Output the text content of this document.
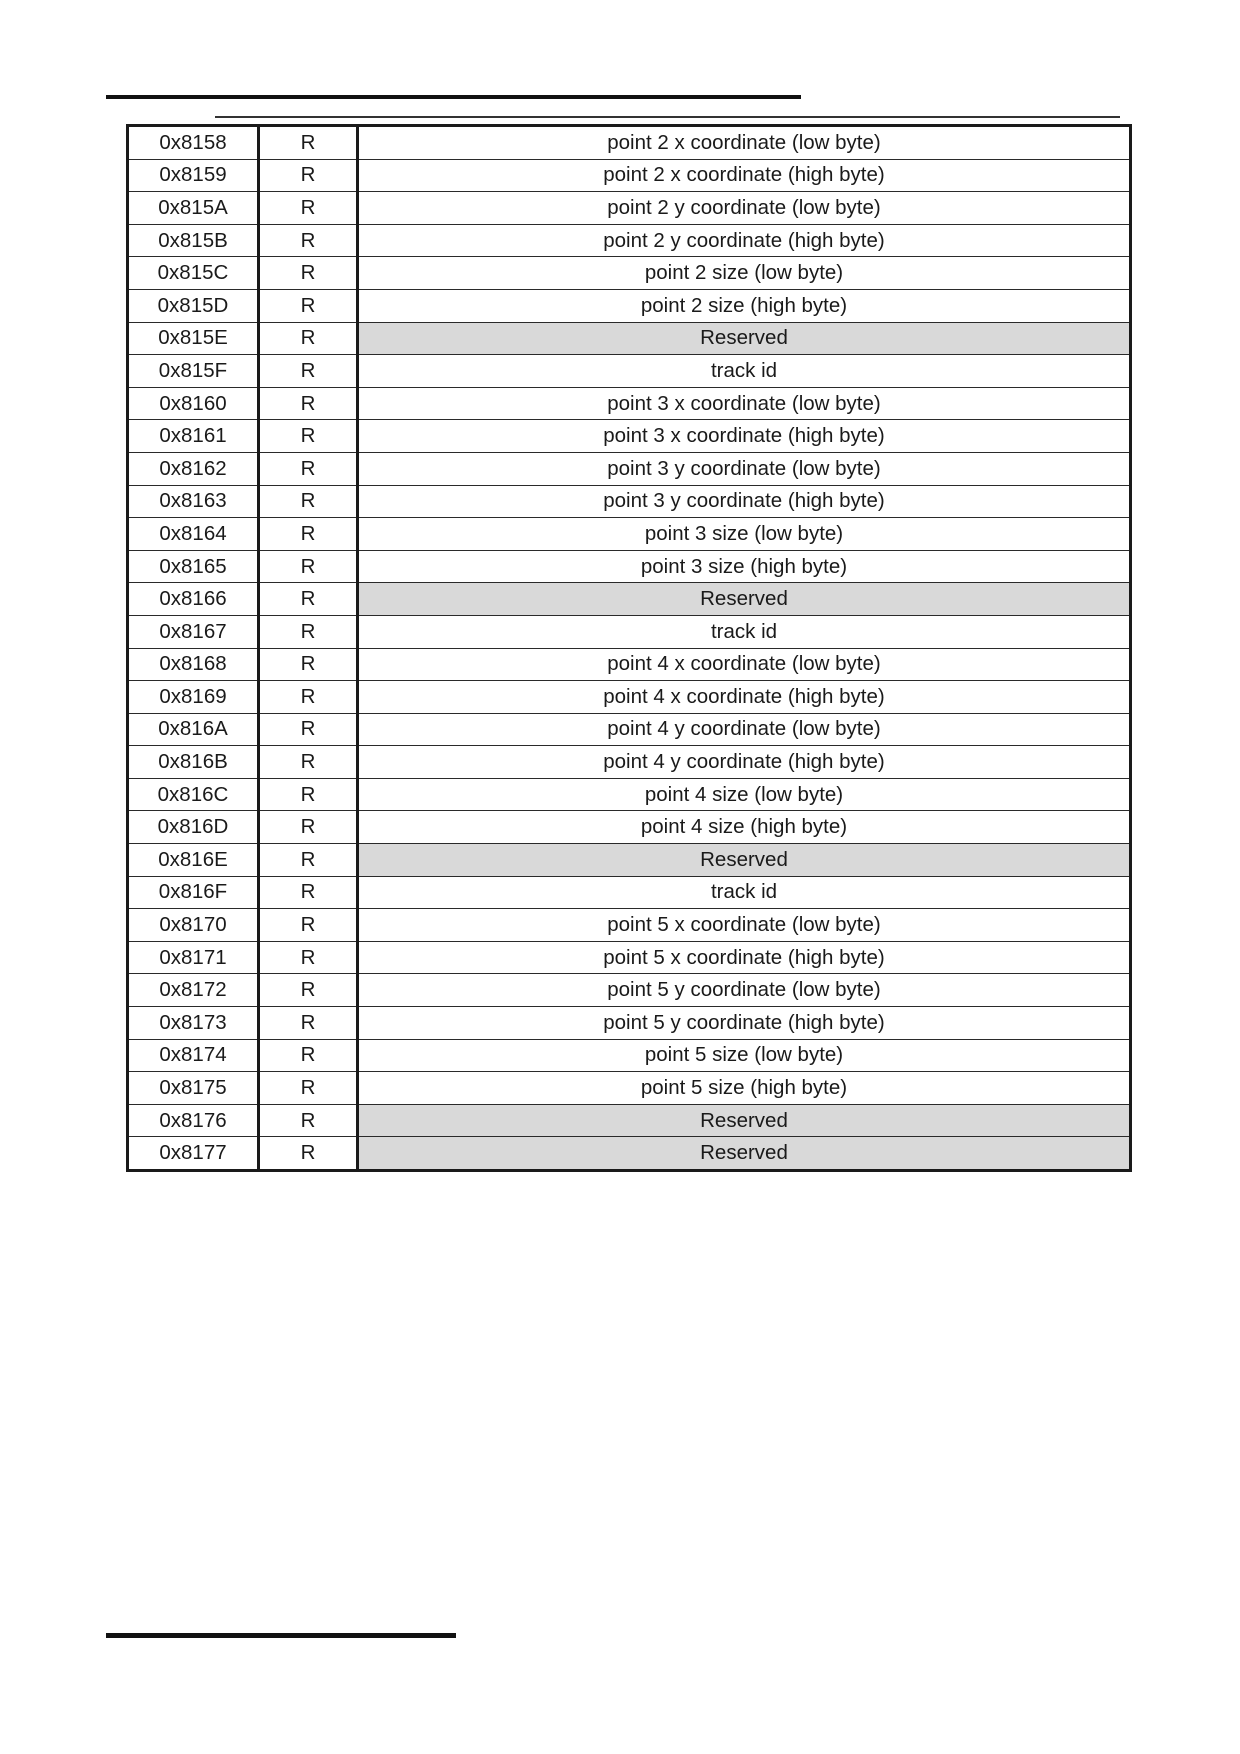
0x8158	R	point 2 x coordinate (low byte)
0x8159	R	point 2 x coordinate (high byte)
0x815A	R	point 2 y coordinate (low byte)
0x815B	R	point 2 y coordinate (high byte)
0x815C	R	point 2 size (low byte)
0x815D	R	point 2 size (high byte)
0x815E	R	Reserved
0x815F	R	track id
0x8160	R	point 3 x coordinate (low byte)
0x8161	R	point 3 x coordinate (high byte)
0x8162	R	point 3 y coordinate (low byte)
0x8163	R	point 3 y coordinate (high byte)
0x8164	R	point 3 size (low byte)
0x8165	R	point 3 size (high byte)
0x8166	R	Reserved
0x8167	R	track id
0x8168	R	point 4 x coordinate (low byte)
0x8169	R	point 4 x coordinate (high byte)
0x816A	R	point 4 y coordinate (low byte)
0x816B	R	point 4 y coordinate (high byte)
0x816C	R	point 4 size (low byte)
0x816D	R	point 4 size (high byte)
0x816E	R	Reserved
0x816F	R	track id
0x8170	R	point 5 x coordinate (low byte)
0x8171	R	point 5 x coordinate (high byte)
0x8172	R	point 5 y coordinate (low byte)
0x8173	R	point 5 y coordinate (high byte)
0x8174	R	point 5 size (low byte)
0x8175	R	point 5 size (high byte)
0x8176	R	Reserved
0x8177	R	Reserved
